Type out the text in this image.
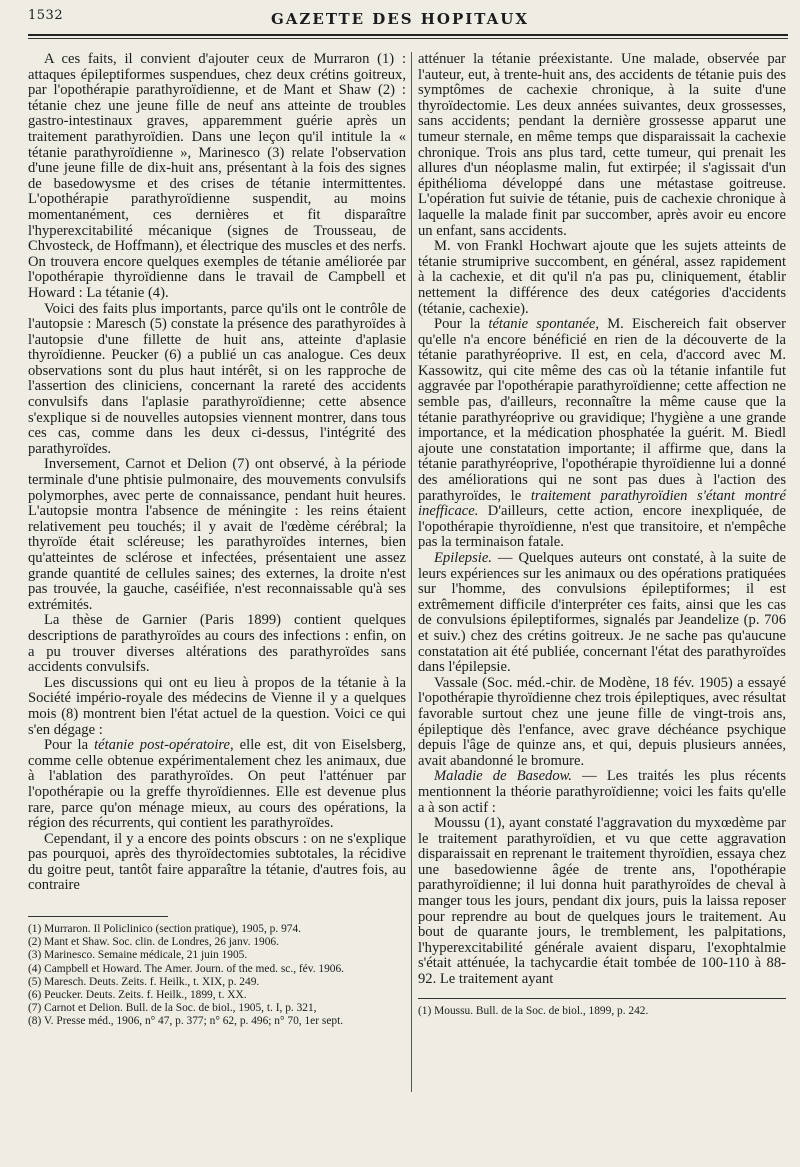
1532	GAZETTE DES HOPITAUX

A ces faits, il convient d'ajouter ceux de Murraron (1) : attaques épileptiformes suspendues, chez deux crétins goitreux, par l'opothérapie parathyroïdienne, et de Mant et Shaw (2) : tétanie chez une jeune fille de neuf ans atteinte de troubles gastro-intestinaux graves, apparemment guérie après un traitement parathyroïdien. Dans une leçon qu'il intitule la « tétanie parathyroïdienne », Marinesco (3) relate l'observation d'une jeune fille de dix-huit ans, présentant à la fois des signes de basedowysme et des crises de tétanie intermittentes. L'opothérapie parathyroïdienne suspendit, au moins momentanément, ces dernières et fit disparaître l'hyperexcitabilité mécanique (signes de Trousseau, de Chvosteck, de Hoffmann), et électrique des muscles et des nerfs. On trouvera encore quelques exemples de tétanie améliorée par l'opothérapie thyroïdienne dans le travail de Campbell et Howard : La tétanie (4).

Voici des faits plus importants, parce qu'ils ont le contrôle de l'autopsie : Maresch (5) constate la présence des parathyroïdes à l'autopsie d'une fillette de huit ans, atteinte d'aplasie thyroïdienne. Peucker (6) a publié un cas analogue. Ces deux observations sont du plus haut intérêt, si on les rapproche de l'assertion des cliniciens, concernant la rareté des accidents convulsifs dans l'aplasie parathyroïdienne; cette absence s'explique si de nouvelles autopsies viennent montrer, dans tous ces cas, comme dans les deux ci-dessus, l'intégrité des parathyroïdes.

Inversement, Carnot et Delion (7) ont observé, à la période terminale d'une phtisie pulmonaire, des mouvements convulsifs polymorphes, avec perte de connaissance, pendant huit heures. L'autopsie montra l'absence de méningite : les reins étaient relativement peu touchés; il y avait de l'œdème cérébral; la thyroïde était scléreuse; les parathyroïdes internes, bien qu'atteintes de sclérose et infectées, présentaient une assez grande quantité de cellules saines; des externes, la droite n'est pas trouvée, la gauche, caséifiée, n'est reconnaissable qu'à ses extrémités.

La thèse de Garnier (Paris 1899) contient quelques descriptions de parathyroïdes au cours des infections : enfin, on a pu trouver diverses altérations des parathyroïdes sans accidents convulsifs.

Les discussions qui ont eu lieu à propos de la tétanie à la Société império-royale des médecins de Vienne il y a quelques mois (8) montrent bien l'état actuel de la question. Voici ce qui s'en dégage :

Pour la tétanie post-opératoire, elle est, dit von Eiselsberg, comme celle obtenue expérimentalement chez les animaux, due à l'ablation des parathyroïdes. On peut l'atténuer par l'opothérapie ou la greffe thyroïdiennes. Elle est devenue plus rare, parce qu'on ménage mieux, au cours des opérations, la région des récurrents, qui contient les parathyroïdes.

Cependant, il y a encore des points obscurs : on ne s'explique pas pourquoi, après des thyroïdectomies subtotales, la récidive du goitre peut, tantôt faire apparaître la tétanie, d'autres fois, au contraire

(1) Murraron. Il Policlinico (section pratique), 1905, p. 974.
(2) Mant et Shaw. Soc. clin. de Londres, 26 janv. 1906.
(3) Marinesco. Semaine médicale, 21 juin 1905.
(4) Campbell et Howard. The Amer. Journ. of the med. sc., fév. 1906.
(5) Maresch. Deuts. Zeits. f. Heilk., t. XIX, p. 249.
(6) Peucker. Deuts. Zeits. f. Heilk., 1899, t. XX.
(7) Carnot et Delion. Bull. de la Soc. de biol., 1905, t. I, p. 321,
(8) V. Presse méd., 1906, n° 47, p. 377; n° 62, p. 496; n° 70, 1er sept.

atténuer la tétanie préexistante. Une malade, observée par l'auteur, eut, à trente-huit ans, des accidents de tétanie puis des symptômes de cachexie chronique, à la suite d'une thyroïdectomie. Les deux années suivantes, deux grossesses, sans accidents; pendant la dernière grossesse apparut une tumeur sternale, en même temps que disparaissait la cachexie chronique. Trois ans plus tard, cette tumeur, qui prenait les allures d'un néoplasme malin, fut extirpée; il s'agissait d'un épithélioma développé dans une métastase goitreuse. L'opération fut suivie de tétanie, puis de cachexie chronique à laquelle la malade finit par succomber, après avoir eu encore un enfant, sans accidents.

M. von Frankl Hochwart ajoute que les sujets atteints de tétanie strumiprive succombent, en général, assez rapidement à la cachexie, et dit qu'il n'a pas pu, cliniquement, établir nettement la différence des deux catégories d'accidents (tétanie, cachexie).

Pour la tétanie spontanée, M. Eischereich fait observer qu'elle n'a encore bénéficié en rien de la découverte de la tétanie parathyréoprive. Il est, en cela, d'accord avec M. Kassowitz, qui cite même des cas où la tétanie infantile fut aggravée par l'opothérapie parathyroïdienne; cette affection ne semble pas, d'ailleurs, reconnaître la même cause que la tétanie parathyréoprive ou gravidique; l'hygiène a une grande importance, et la médication phosphatée la guérit. M. Biedl ajoute une constatation importante; il affirme que, dans la tétanie parathyréoprive, l'opothérapie thyroïdienne lui a donné des améliorations qui ne sont pas dues à l'action des parathyroïdes, le traitement parathyroïdien s'étant montré inefficace. D'ailleurs, cette action, encore inexpliquée, de l'opothérapie thyroïdienne, n'est que transitoire, et n'empêche pas la terminaison fatale.

Epilepsie. — Quelques auteurs ont constaté, à la suite de leurs expériences sur les animaux ou des opérations pratiquées sur l'homme, des convulsions épileptiformes; il est extrêmement difficile d'interpréter ces faits, ainsi que les cas de convulsions épileptiformes, signalés par Jeandelize (p. 706 et suiv.) chez des crétins goitreux. Je ne sache pas qu'aucune constatation ait été publiée, concernant l'état des parathyroïdes dans l'épilepsie.

Vassale (Soc. méd.-chir. de Modène, 18 fév. 1905) a essayé l'opothérapie thyroïdienne chez trois épileptiques, avec résultat favorable surtout chez une jeune fille de vingt-trois ans, épileptique dès l'enfance, avec grave déchéance psychique depuis l'âge de quinze ans, et qui, depuis plusieurs années, avait abandonné le bromure.

Maladie de Basedow. — Les traités les plus récents mentionnent la théorie parathyroïdienne; voici les faits qu'elle a à son actif :

Moussu (1), ayant constaté l'aggravation du myxœdème par le traitement parathyroïdien, et vu que cette aggravation disparaissait en reprenant le traitement thyroïdien, essaya chez une basedowienne âgée de trente ans, l'opothérapie parathyroïdienne; il lui donna huit parathyroïdes de cheval à manger tous les jours, pendant dix jours, puis la laissa reposer pour reprendre au bout de quelques jours le traitement. Au bout de quarante jours, le tremblement, les palpitations, l'hyperexcitabilité générale avaient disparu, l'exophtalmie s'était atténuée, la tachycardie était tombée de 100-110 à 88-92. Le traitement ayant

(1) Moussu. Bull. de la Soc. de biol., 1899, p. 242.
